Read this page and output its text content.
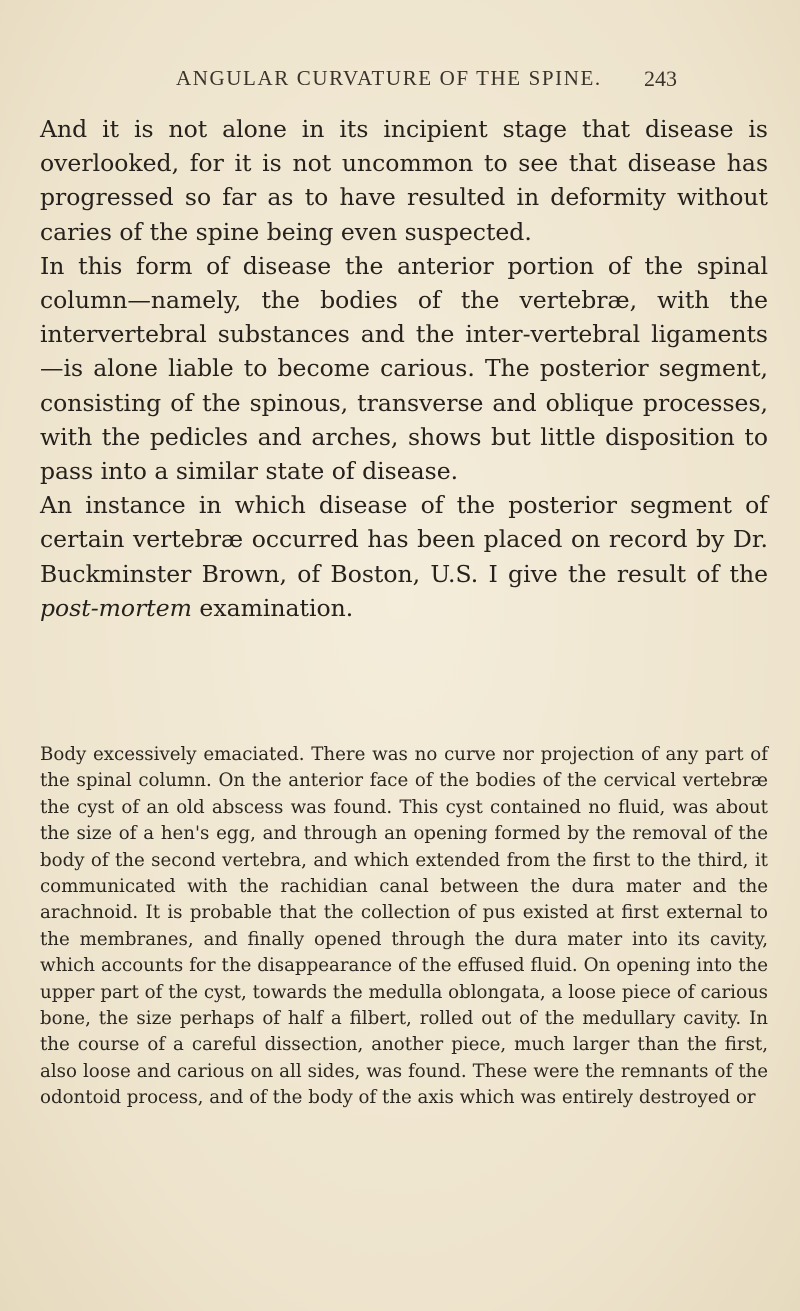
ANGULAR CURVATURE OF THE SPINE. 243

And it is not alone in its incipient stage that disease is overlooked, for it is not uncommon to see that disease has progressed so far as to have resulted in deformity without caries of the spine being even suspected.

In this form of disease the anterior portion of the spinal column—namely, the bodies of the vertebræ, with the intervertebral substances and the inter-vertebral ligaments—is alone liable to become carious. The posterior segment, consisting of the spinous, transverse and oblique processes, with the pedicles and arches, shows but little disposition to pass into a similar state of disease.

An instance in which disease of the posterior segment of certain vertebræ occurred has been placed on record by Dr. Buckminster Brown, of Boston, U.S. I give the result of the post-mortem examination.

Body excessively emaciated. There was no curve nor projection of any part of the spinal column. On the anterior face of the bodies of the cervical vertebræ the cyst of an old abscess was found. This cyst contained no fluid, was about the size of a hen's egg, and through an opening formed by the removal of the body of the second vertebra, and which extended from the first to the third, it communicated with the rachidian canal between the dura mater and the arachnoid. It is probable that the collection of pus existed at first external to the membranes, and finally opened through the dura mater into its cavity, which accounts for the disappearance of the effused fluid. On opening into the upper part of the cyst, towards the medulla oblongata, a loose piece of carious bone, the size perhaps of half a filbert, rolled out of the medullary cavity. In the course of a careful dissection, another piece, much larger than the first, also loose and carious on all sides, was found. These were the remnants of the odontoid process, and of the body of the axis which was entirely destroyed or
